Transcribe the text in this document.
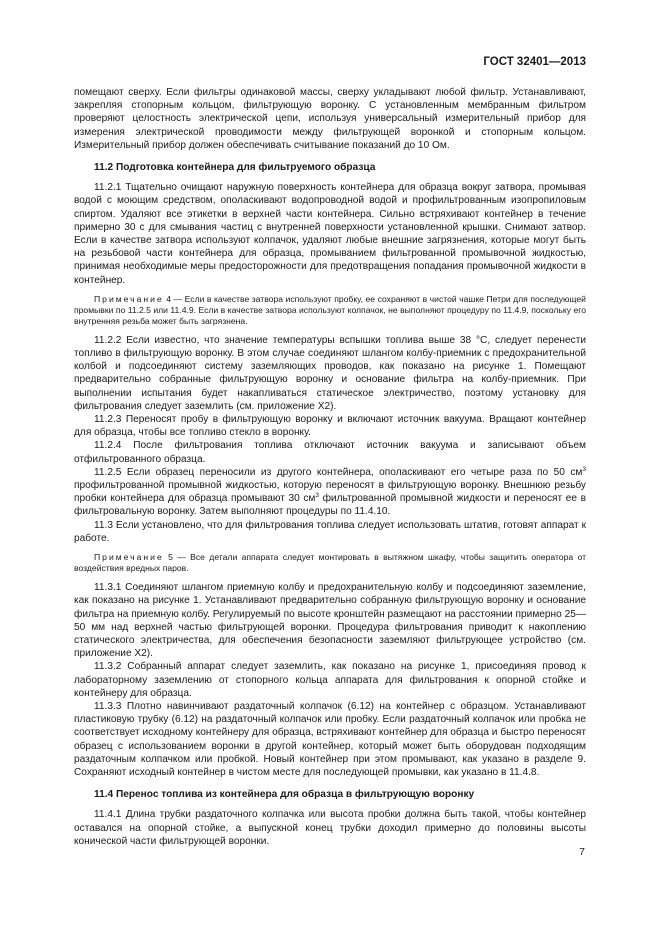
ГОСТ 32401—2013

помещают сверху. Если фильтры одинаковой массы, сверху укладывают любой фильтр. Устанавливают, закрепляя стопорным кольцом, фильтрующую воронку. С установленным мембранным фильтром проверяют целостность электрической цепи, используя универсальный измерительный прибор для измерения электрической проводимости между фильтрующей воронкой и стопорным кольцом. Измерительный прибор должен обеспечивать считывание показаний до 10 Ом.

11.2 Подготовка контейнера для фильтруемого образца

11.2.1 Тщательно очищают наружную поверхность контейнера для образца вокруг затвора, промывая водой с моющим средством, ополаскивают водопроводной водой и профильтрованным изопропиловым спиртом. Удаляют все этикетки в верхней части контейнера. Сильно встряхивают контейнер в течение примерно 30 с для смывания частиц с внутренней поверхности установленной крышки. Снимают затвор. Если в качестве затвора используют колпачок, удаляют любые внешние загрязнения, которые могут быть на резьбовой части контейнера для образца, промыванием фильтрованной промывочной жидкостью, принимая необходимые меры предосторожности для предотвращения попадания промывочной жидкости в контейнер.

Примечание 4 — Если в качестве затвора используют пробку, ее сохраняют в чистой чашке Петри для последующей промывки по 11.2.5 или 11.4.9. Если в качестве затвора используют колпачок, не выполняют процедуру по 11.4.9, поскольку его внутренняя резьба может быть загрязнена.

11.2.2 Если известно, что значение температуры вспышки топлива выше 38 °С, следует перенести топливо в фильтрующую воронку. В этом случае соединяют шлангом колбу-приемник с предохранительной колбой и подсоединяют систему заземляющих проводов, как показано на рисунке 1. Помещают предварительно собранные фильтрующую воронку и основание фильтра на колбу-приемник. При выполнении испытания будет накапливаться статическое электричество, поэтому установку для фильтрования следует заземлить (см. приложение Х2).

11.2.3 Переносят пробу в фильтрующую воронку и включают источник вакуума. Вращают контейнер для образца, чтобы все топливо стекло в воронку.

11.2.4 После фильтрования топлива отключают источник вакуума и записывают объем отфильтрованного образца.

11.2.5 Если образец переносили из другого контейнера, ополаскивают его четыре раза по 50 $см^3$ профильтрованной промывной жидкостью, которую переносят в фильтрующую воронку. Внешнюю резьбу пробки контейнера для образца промывают 30 $см^3$ фильтрованной промывной жидкости и переносят ее в фильтровальную воронку. Затем выполняют процедуры по 11.4.10.

11.3 Если установлено, что для фильтрования топлива следует использовать штатив, готовят аппарат к работе.

Примечание 5 — Все детали аппарата следует монтировать в вытяжном шкафу, чтобы защитить оператора от воздействия вредных паров.

11.3.1 Соединяют шлангом приемную колбу и предохранительную колбу и подсоединяют заземление, как показано на рисунке 1. Устанавливают предварительно собранную фильтрующую воронку и основание фильтра на приемную колбу. Регулируемый по высоте кронштейн размещают на расстоянии примерно 25—50 мм над верхней частью фильтрующей воронки. Процедура фильтрования приводит к накоплению статического электричества, для обеспечения безопасности заземляют фильтрующее устройство (см. приложение Х2).

11.3.2 Собранный аппарат следует заземлить, как показано на рисунке 1, присоединяя провод к лабораторному заземлению от стопорного кольца аппарата для фильтрования к опорной стойке и контейнеру для образца.

11.3.3 Плотно навинчивают раздаточный колпачок (6.12) на контейнер с образцом. Устанавливают пластиковую трубку (6.12) на раздаточный колпачок или пробку. Если раздаточный колпачок или пробка не соответствует исходному контейнеру для образца, встряхивают контейнер для образца и быстро переносят образец с использованием воронки в другой контейнер, который может быть оборудован подходящим раздаточным колпачком или пробкой. Новый контейнер при этом промывают, как указано в разделе 9. Сохраняют исходный контейнер в чистом месте для последующей промывки, как указано в 11.4.8.

11.4 Перенос топлива из контейнера для образца в фильтрующую воронку

11.4.1 Длина трубки раздаточного колпачка или высота пробки должна быть такой, чтобы контейнер оставался на опорной стойке, а выпускной конец трубки доходил примерно до половины высоты конической части фильтрующей воронки.

7
